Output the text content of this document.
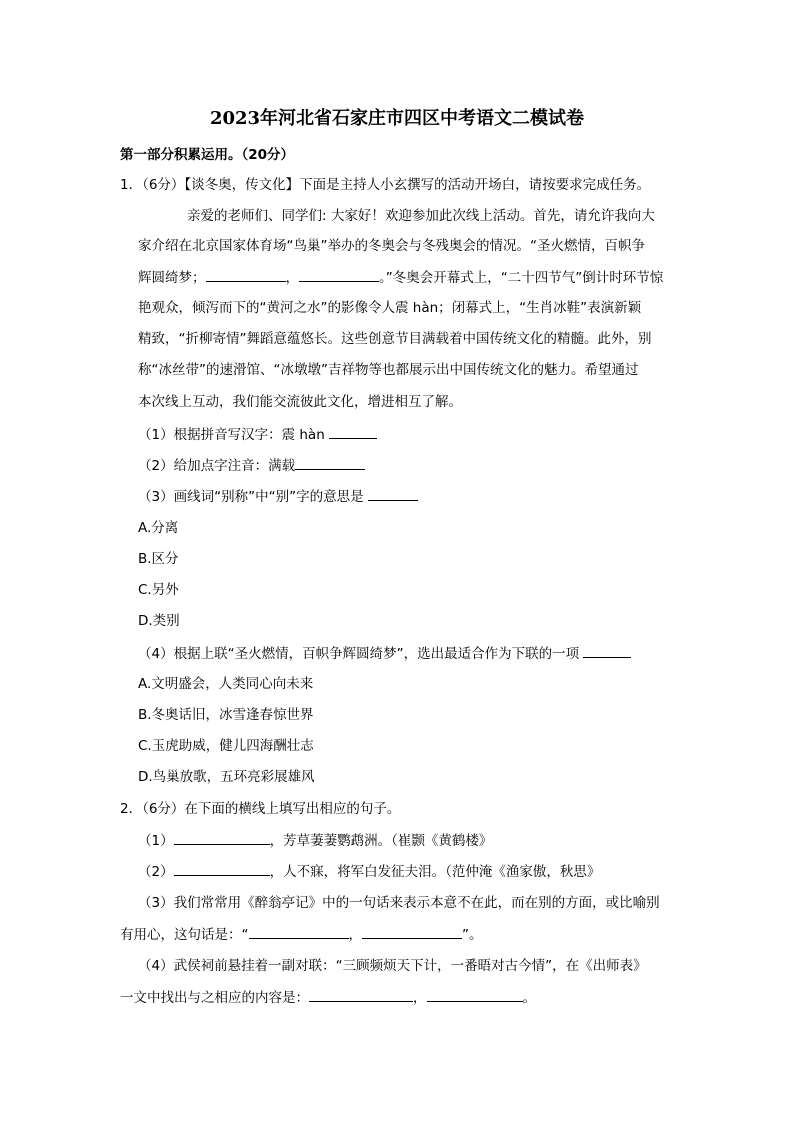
2023年河北省石家庄市四区中考语文二模试卷
第一部分积累运用。（20分）
1．（6分）【谈冬奥，传文化】下面是主持人小玄撰写的活动开场白，请按要求完成任务。
亲爱的老师们、同学们: 大家好！欢迎参加此次线上活动。首先，请允许我向大
家介绍在北京国家体育场“鸟巢”举办的冬奥会与冬残奥会的情况。“圣火燃情，百帜争
辉圆绮梦；	，	。”冬奥会开幕式上，“二十四节气”倒计时环节惊
艳观众，倾泻而下的“黄河之水”的影像令人震 hàn；闭幕式上，“生肖冰鞋”表演新颖
精致，“折柳寄情”舞蹈意蕴悠长。这些创意节目满载着中国传统文化的精髓。此外，别
称“冰丝带”的速滑馆、“冰墩墩”吉祥物等也都展示出中国传统文化的魅力。希望通过
本次线上互动，我们能交流彼此文化，增进相互了解。
（1）根据拼音写汉字：震 hàn
（2）给加点字注音：满载
（3）画线词“别称”中“别”字的意思是
A.分离
B.区分
C.另外
D.类别
（4）根据上联“圣火燃情，百帜争辉圆绮梦”，选出最适合作为下联的一项
A.文明盛会，人类同心向未来
B.冬奥话旧，冰雪逢春惊世界
C.玉虎助威，健儿四海酬壮志
D.鸟巢放歌，五环亮彩展雄风
2．（6分）在下面的横线上填写出相应的句子。
（1）	，芳草萋萋鹦鹉洲。（崔颢《黄鹤楼》
（2）	，人不寐，将军白发征夫泪。（范仲淹《渔家傲，秋思》
（3）我们常常用《醉翁亭记》中的一句话来表示本意不在此，而在别的方面，或比喻别
有用心，这句话是：“	，	”。
（4）武侯祠前悬挂着一副对联：“三顾频烦天下计，一番晤对古今情”，在《出师表》
一文中找出与之相应的内容是：	，	。
